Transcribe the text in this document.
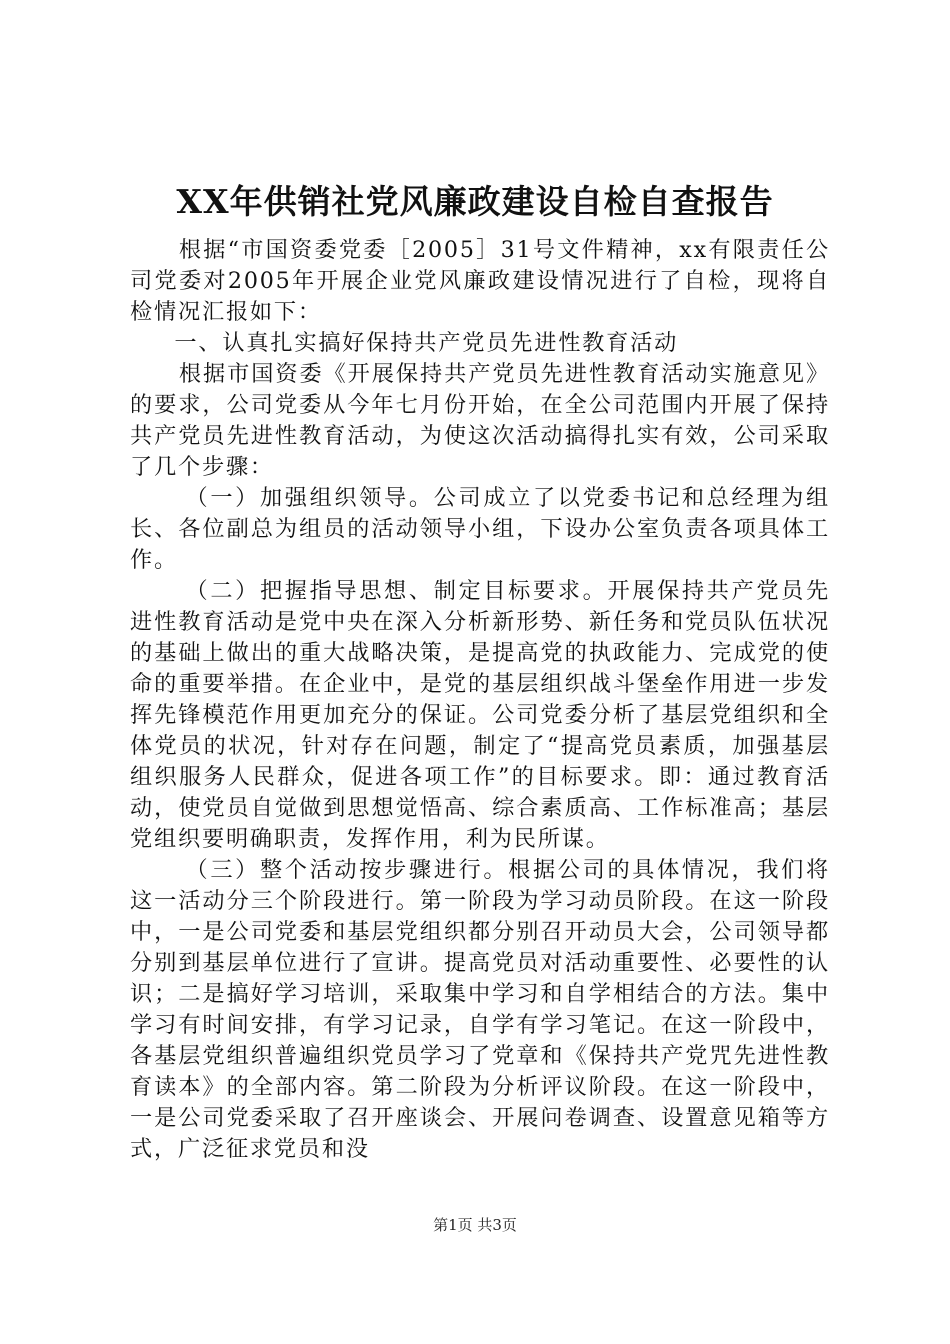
XX年供销社党风廉政建设自检自查报告

根据“市国资委党委［2005］31号文件精神，xx有限责任公司党委对2005年开展企业党风廉政建设情况进行了自检，现将自检情况汇报如下：

一、认真扎实搞好保持共产党员先进性教育活动

根据市国资委《开展保持共产党员先进性教育活动实施意见》的要求，公司党委从今年七月份开始，在全公司范围内开展了保持共产党员先进性教育活动，为使这次活动搞得扎实有效，公司采取了几个步骤：

（一）加强组织领导。公司成立了以党委书记和总经理为组长、各位副总为组员的活动领导小组，下设办公室负责各项具体工作。

（二）把握指导思想、制定目标要求。开展保持共产党员先进性教育活动是党中央在深入分析新形势、新任务和党员队伍状况的基础上做出的重大战略决策，是提高党的执政能力、完成党的使命的重要举措。在企业中，是党的基层组织战斗堡垒作用进一步发挥先锋模范作用更加充分的保证。公司党委分析了基层党组织和全体党员的状况，针对存在问题，制定了“提高党员素质，加强基层组织服务人民群众，促进各项工作”的目标要求。即：通过教育活动，使党员自觉做到思想觉悟高、综合素质高、工作标准高；基层党组织要明确职责，发挥作用，利为民所谋。

（三）整个活动按步骤进行。根据公司的具体情况，我们将这一活动分三个阶段进行。第一阶段为学习动员阶段。在这一阶段中，一是公司党委和基层党组织都分别召开动员大会，公司领导都分别到基层单位进行了宣讲。提高党员对活动重要性、必要性的认识；二是搞好学习培训，采取集中学习和自学相结合的方法。集中学习有时间安排，有学习记录，自学有学习笔记。在这一阶段中，各基层党组织普遍组织党员学习了党章和《保持共产党咒先进性教育读本》的全部内容。第二阶段为分析评议阶段。在这一阶段中，一是公司党委采取了召开座谈会、开展问卷调查、设置意见箱等方式，广泛征求党员和没

第1页 共3页
